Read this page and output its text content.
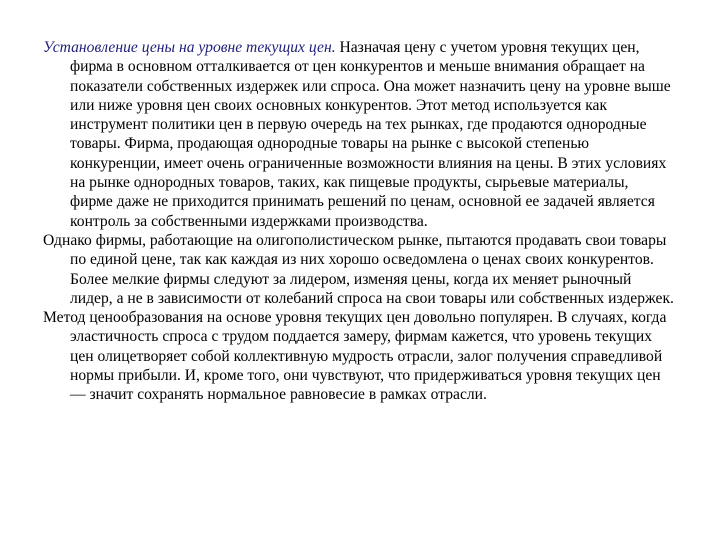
Установление цены на уровне текущих цен. Назначая цену с учетом уровня текущих цен, фирма в основном отталкивается от цен конкурентов и меньше внимания обращает на показатели собственных издержек или спроса. Она может назначить цену на уровне выше или ниже уровня цен своих основных конкурентов. Этот метод используется как инструмент политики цен в первую очередь на тех рынках, где продаются однородные товары. Фирма, продающая однородные товары на рынке с высокой степенью конкуренции, имеет очень ограниченные возможности влияния на цены. В этих условиях на рынке однородных товаров, таких, как пищевые продукты, сырьевые материалы, фирме даже не приходится принимать решений по ценам, основной ее задачей является контроль за собственными издержками производства.

Однако фирмы, работающие на олигополистическом рынке, пытаются продавать свои товары по единой цене, так как каждая из них хорошо осведомлена о ценах своих конкурентов. Более мелкие фирмы следуют за лидером, изменяя цены, когда их меняет рыночный лидер, а не в зависимости от колебаний спроса на свои товары или собственных издержек.

Метод ценообразования на основе уровня текущих цен довольно популярен. В случаях, когда эластичность спроса с трудом поддается замеру, фирмам кажется, что уровень текущих цен олицетворяет собой коллективную мудрость отрасли, залог получения справедливой нормы прибыли. И, кроме того, они чувствуют, что придерживаться уровня текущих цен — значит сохранять нормальное равновесие в рамках отрасли.
